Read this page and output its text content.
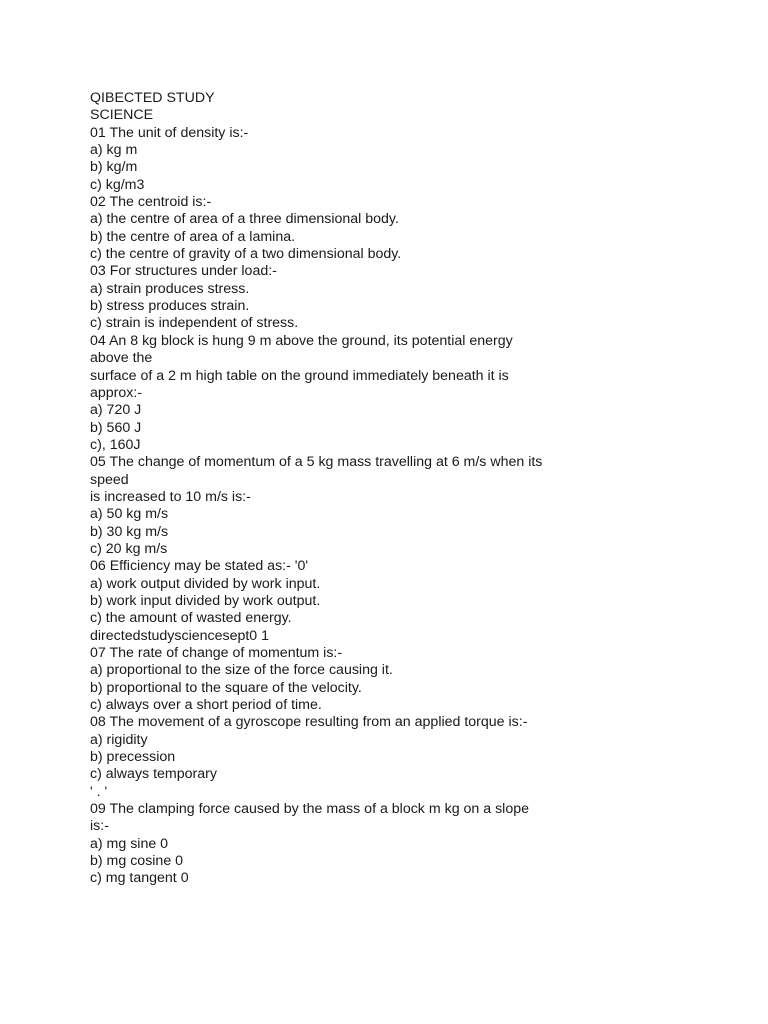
QIBECTED STUDY
SCIENCE
01 The unit of density is:-
a) kg m
b) kg/m
c) kg/m3
02 The centroid is:-
a) the centre of area of a three dimensional body.
b) the centre of area of a lamina.
c) the centre of gravity of a two dimensional body.
03 For structures under load:-
a) strain produces stress.
b) stress produces strain.
c) strain is independent of stress.
04 An 8 kg block is hung 9 m above the ground, its potential energy
above the
surface of a 2 m high table on the ground immediately beneath it is
approx:-
a) 720 J
b) 560 J
c), 160J
05 The change of momentum of a 5 kg mass travelling at 6 m/s when its
speed
is increased to 10 m/s is:-
a) 50 kg m/s
b) 30 kg m/s
c) 20 kg m/s
06 Efficiency may be stated as:- '0'
a) work output divided by work input.
b) work input divided by work output.
c) the amount of wasted energy.
directedstudysciencesept0 1
07 The rate of change of momentum is:-
a) proportional to the size of the force causing it.
b) proportional to the square of the velocity.
c) always over a short period of time.
08 The movement of a gyroscope resulting from an applied torque is:-
a) rigidity
b) precession
c) always temporary
' . '
09 The clamping force caused by the mass of a block m kg on a slope
is:-
a) mg sine 0
b) mg cosine 0
c) mg tangent 0
